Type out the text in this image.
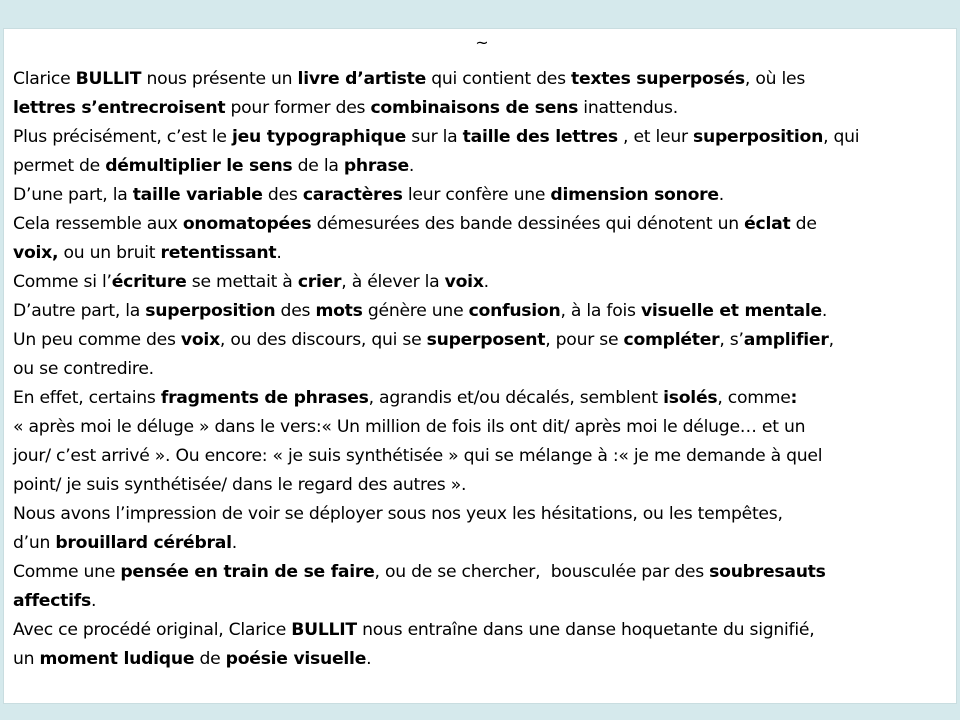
~
Clarice BULLIT nous présente un livre d’artiste qui contient des textes superposés, où les
lettres s’entrecroisent pour former des combinaisons de sens inattendus.
Plus précisément, c’est le jeu typographique sur la taille des lettres , et leur superposition, qui
permet de démultiplier le sens de la phrase.
D’une part, la taille variable des caractères leur confère une dimension sonore.
Cela ressemble aux onomatopées démesurées des bande dessinées qui dénotent un éclat de
voix, ou un bruit retentissant.
Comme si l’écriture se mettait à crier, à élever la voix.
D’autre part, la superposition des mots génère une confusion, à la fois visuelle et mentale.
Un peu comme des voix, ou des discours, qui se superposent, pour se compléter, s’amplifier,
ou se contredire.
En effet, certains fragments de phrases, agrandis et/ou décalés, semblent isolés, comme:
« après moi le déluge » dans le vers:« Un million de fois ils ont dit/ après moi le déluge… et un
jour/ c’est arrivé ». Ou encore: « je suis synthétisée » qui se mélange à :« je me demande à quel
point/ je suis synthétisée/ dans le regard des autres ».
Nous avons l’impression de voir se déployer sous nos yeux les hésitations, ou les tempêtes,
d’un brouillard cérébral.
Comme une pensée en train de se faire, ou de se chercher,  bousculée par des soubresauts
affectifs.
Avec ce procédé original, Clarice BULLIT nous entraîne dans une danse hoquetante du signifié,
un moment ludique de poésie visuelle.
